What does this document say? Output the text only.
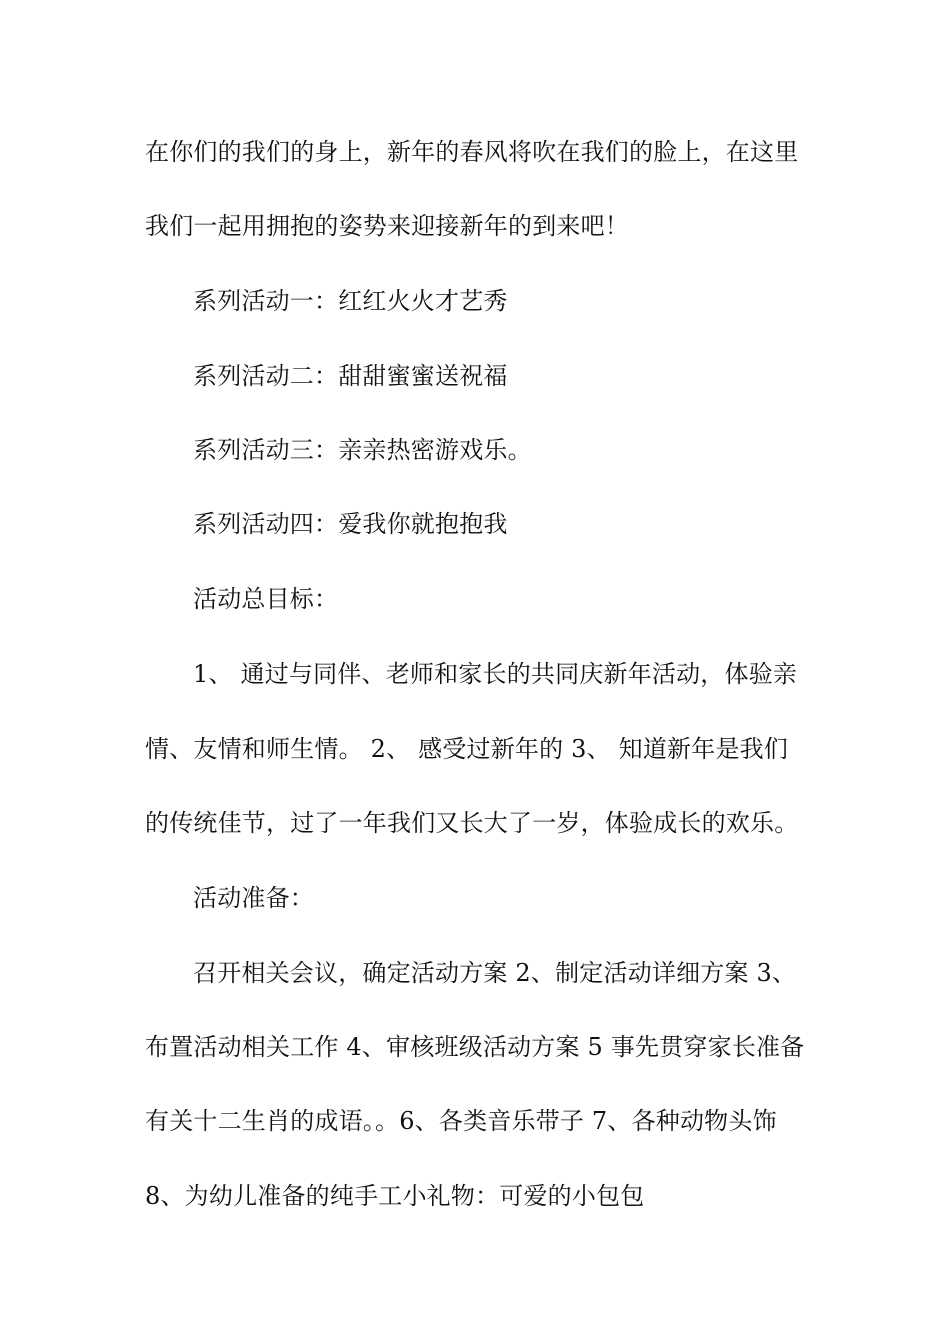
在你们的我们的身上，新年的春风将吹在我们的脸上，在这里
我们一起用拥抱的姿势来迎接新年的到来吧！
系列活动一：红红火火才艺秀
系列活动二：甜甜蜜蜜送祝福
系列活动三：亲亲热密游戏乐。
系列活动四：爱我你就抱抱我
活动总目标：
1、 通过与同伴、老师和家长的共同庆新年活动，体验亲
情、友情和师生情。 2、 感受过新年的 3、 知道新年是我们
的传统佳节，过了一年我们又长大了一岁，体验成长的欢乐。
活动准备：
召开相关会议，确定活动方案 2、制定活动详细方案 3、
布置活动相关工作 4、审核班级活动方案 5 事先贯穿家长准备
有关十二生肖的成语。。6、各类音乐带子 7、各种动物头饰
8、为幼儿准备的纯手工小礼物：可爱的小包包
